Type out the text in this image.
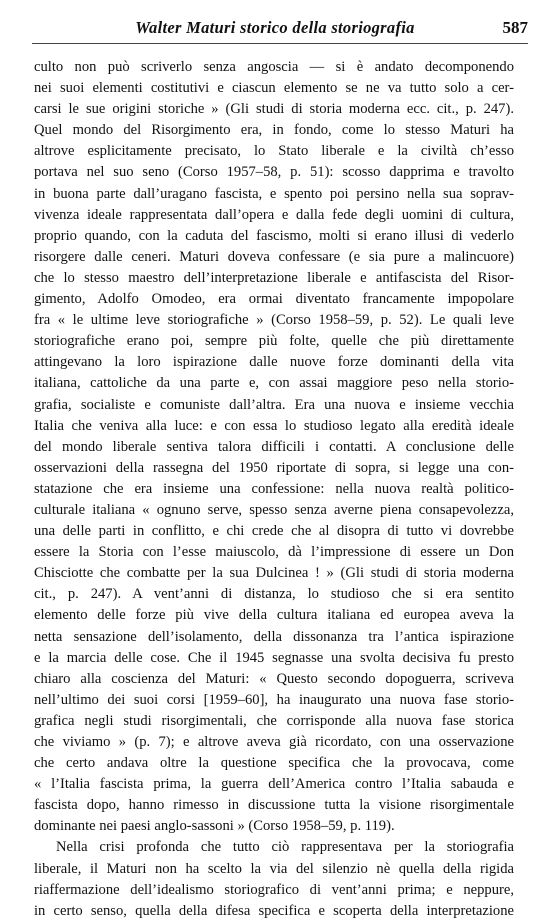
Walter Maturi storico della storiografia	587
culto non può scriverlo senza angoscia — si è andato decomponendo
nei suoi elementi costitutivi e ciascun elemento se ne va tutto solo a cer-
carsi le sue origini storiche » (Gli studi di storia moderna ecc. cit., p. 247).
Quel mondo del Risorgimento era, in fondo, come lo stesso Maturi ha
altrove esplicitamente precisato, lo Stato liberale e la civiltà ch’esso
portava nel suo seno (Corso 1957–58, p. 51): scosso dapprima e travolto
in buona parte dall’uragano fascista, e spento poi persino nella sua soprav-
vivenza ideale rappresentata dall’opera e dalla fede degli uomini di cultura,
proprio quando, con la caduta del fascismo, molti si erano illusi di vederlo
risorgere dalle ceneri. Maturi doveva confessare (e sia pure a malincuore)
che lo stesso maestro dell’interpretazione liberale e antifascista del Risor-
gimento, Adolfo Omodeo, era ormai diventato francamente impopolare
fra « le ultime leve storiografiche » (Corso 1958–59, p. 52). Le quali leve
storiografiche erano poi, sempre più folte, quelle che più direttamente
attingevano la loro ispirazione dalle nuove forze dominanti della vita
italiana, cattoliche da una parte e, con assai maggiore peso nella storio-
grafia, socialiste e comuniste dall’altra. Era una nuova e insieme vecchia
Italia che veniva alla luce: e con essa lo studioso legato alla eredità ideale
del mondo liberale sentiva talora difficili i contatti. A conclusione delle
osservazioni della rassegna del 1950 riportate di sopra, si legge una con-
statazione che era insieme una confessione: nella nuova realtà politico-
culturale italiana « ognuno serve, spesso senza averne piena consapevolezza,
una delle parti in conflitto, e chi crede che al disopra di tutto vi dovrebbe
essere la Storia con l’esse maiuscolo, dà l’impressione di essere un Don
Chisciotte che combatte per la sua Dulcinea ! » (Gli studi di storia moderna
cit., p. 247). A vent’anni di distanza, lo studioso che si era sentito
elemento delle forze più vive della cultura italiana ed europea aveva la
netta sensazione dell’isolamento, della dissonanza tra l’antica ispirazione
e la marcia delle cose. Che il 1945 segnasse una svolta decisiva fu presto
chiaro alla coscienza del Maturi: « Questo secondo dopoguerra, scriveva
nell’ultimo dei suoi corsi [1959–60], ha inaugurato una nuova fase storio-
grafica negli studi risorgimentali, che corrisponde alla nuova fase storica
che viviamo » (p. 7); e altrove aveva già ricordato, con una osservazione
che certo andava oltre la questione specifica che la provocava, come
« l’Italia fascista prima, la guerra dell’America contro l’Italia sabauda e
fascista dopo, hanno rimesso in discussione tutta la visione risorgimentale
dominante nei paesi anglo-sassoni » (Corso 1958–59, p. 119).
Nella crisi profonda che tutto ciò rappresentava per la storiografia
liberale, il Maturi non ha scelto la via del silenzio nè quella della rigida
riaffermazione dell’idealismo storiografico di vent’anni prima; e neppure,
in certo senso, quella della difesa specifica e scoperta della interpretazione
